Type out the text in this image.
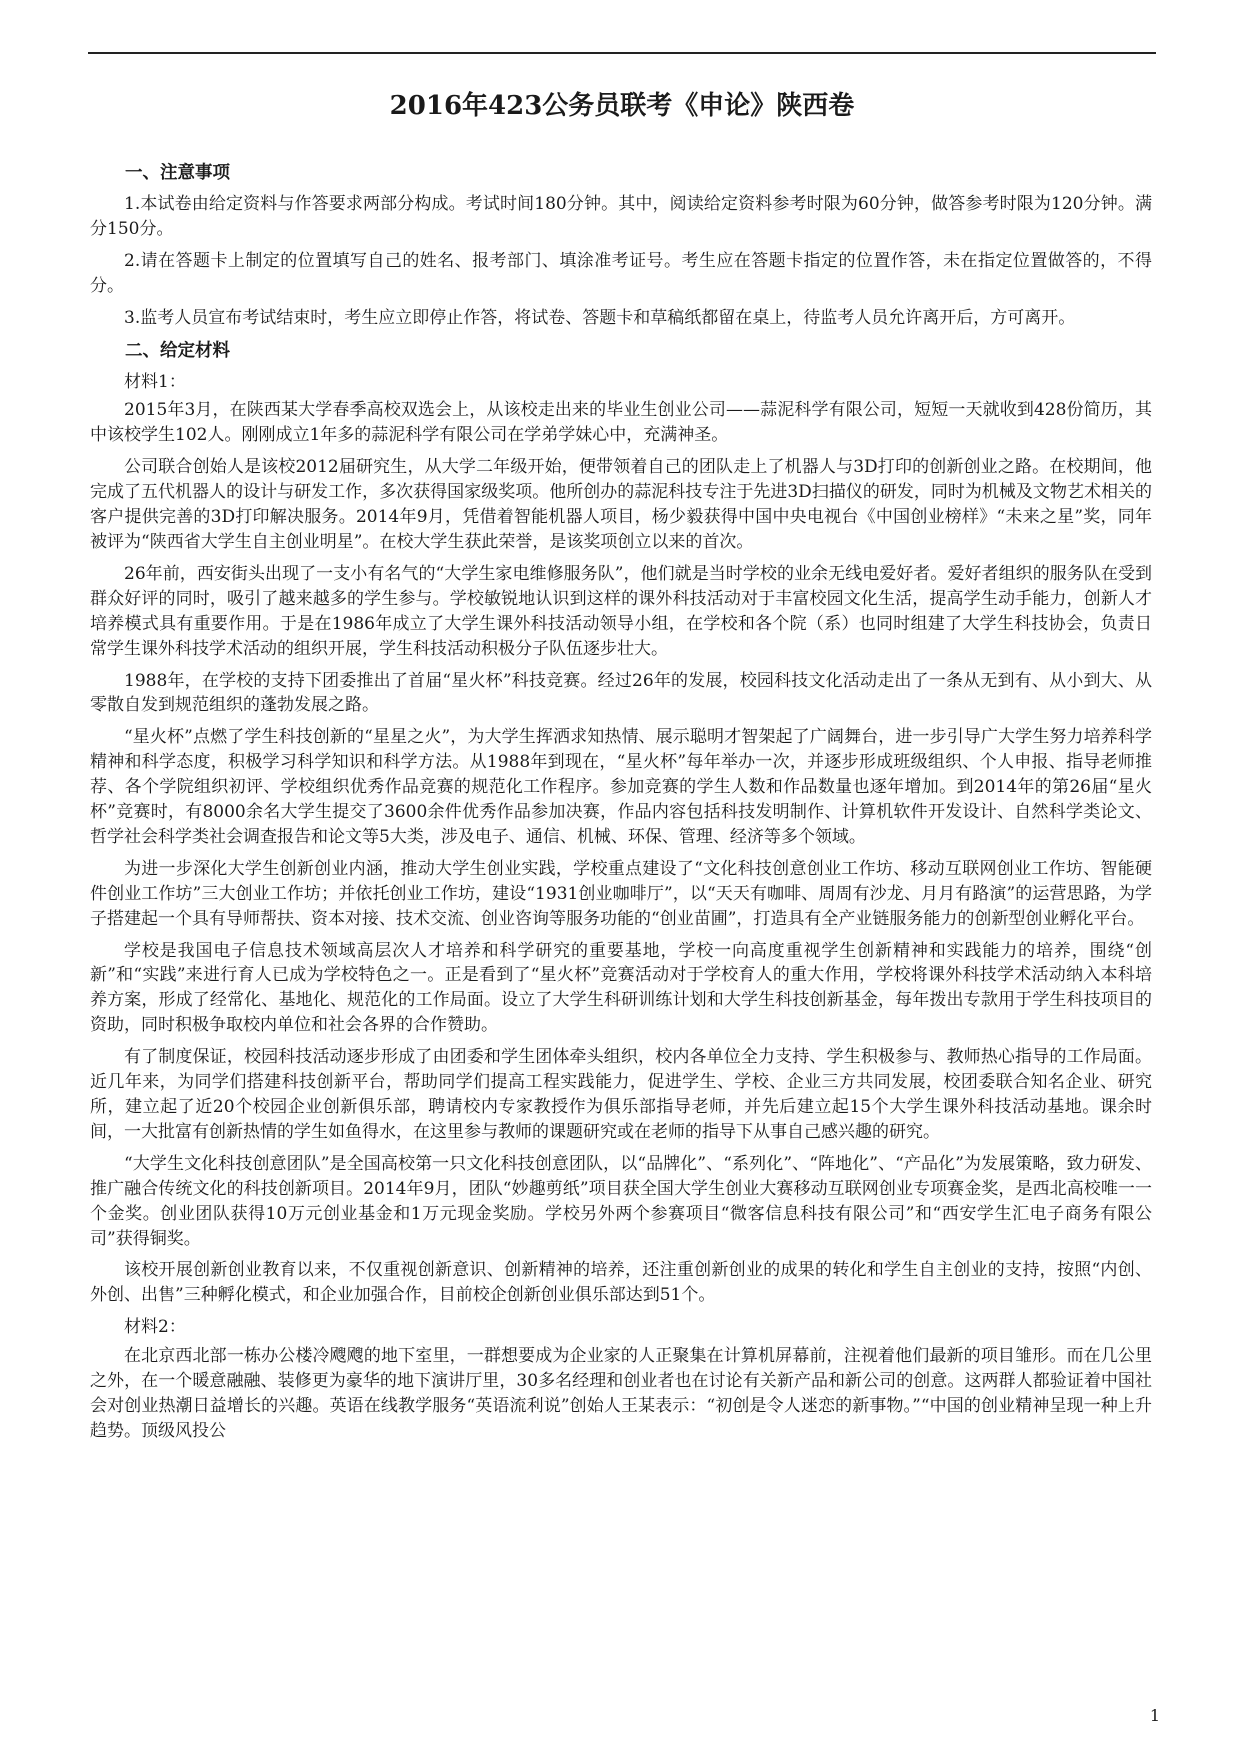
2016年423公务员联考《申论》陕西卷
一、注意事项

1.本试卷由给定资料与作答要求两部分构成。考试时间180分钟。其中，阅读给定资料参考时限为60分钟，做答参考时限为120分钟。满分150分。

2.请在答题卡上制定的位置填写自己的姓名、报考部门、填涂准考证号。考生应在答题卡指定的位置作答，未在指定位置做答的，不得分。

3.监考人员宣布考试结束时，考生应立即停止作答，将试卷、答题卡和草稿纸都留在桌上，待监考人员允许离开后，方可离开。

二、给定材料

材料1：

2015年3月，在陕西某大学春季高校双选会上，从该校走出来的毕业生创业公司——蒜泥科学有限公司，短短一天就收到428份简历，其中该校学生102人。刚刚成立1年多的蒜泥科学有限公司在学弟学妹心中，充满神圣。

公司联合创始人是该校2012届研究生，从大学二年级开始，便带领着自己的团队走上了机器人与3D打印的创新创业之路。在校期间，他完成了五代机器人的设计与研发工作，多次获得国家级奖项。他所创办的蒜泥科技专注于先进3D扫描仪的研发，同时为机械及文物艺术相关的客户提供完善的3D打印解决服务。2014年9月，凭借着智能机器人项目，杨少毅获得中国中央电视台《中国创业榜样》“未来之星”奖，同年被评为“陕西省大学生自主创业明星”。在校大学生获此荣誉，是该奖项创立以来的首次。

26年前，西安街头出现了一支小有名气的“大学生家电维修服务队”，他们就是当时学校的业余无线电爱好者。爱好者组织的服务队在受到群众好评的同时，吸引了越来越多的学生参与。学校敏锐地认识到这样的课外科技活动对于丰富校园文化生活，提高学生动手能力，创新人才培养模式具有重要作用。于是在1986年成立了大学生课外科技活动领导小组，在学校和各个院（系）也同时组建了大学生科技协会，负责日常学生课外科技学术活动的组织开展，学生科技活动积极分子队伍逐步壮大。

1988年，在学校的支持下团委推出了首届“星火杯”科技竞赛。经过26年的发展，校园科技文化活动走出了一条从无到有、从小到大、从零散自发到规范组织的蓬勃发展之路。

“星火杯”点燃了学生科技创新的“星星之火”，为大学生挥洒求知热情、展示聪明才智架起了广阔舞台，进一步引导广大学生努力培养科学精神和科学态度，积极学习科学知识和科学方法。从1988年到现在，“星火杯”每年举办一次，并逐步形成班级组织、个人申报、指导老师推荐、各个学院组织初评、学校组织优秀作品竞赛的规范化工作程序。参加竞赛的学生人数和作品数量也逐年增加。到2014年的第26届“星火杯”竞赛时，有8000余名大学生提交了3600余件优秀作品参加决赛，作品内容包括科技发明制作、计算机软件开发设计、自然科学类论文、哲学社会科学类社会调查报告和论文等5大类，涉及电子、通信、机械、环保、管理、经济等多个领域。

为进一步深化大学生创新创业内涵，推动大学生创业实践，学校重点建设了“文化科技创意创业工作坊、移动互联网创业工作坊、智能硬件创业工作坊”三大创业工作坊；并依托创业工作坊，建设“1931创业咖啡厅”，以“天天有咖啡、周周有沙龙、月月有路演”的运营思路，为学子搭建起一个具有导师帮扶、资本对接、技术交流、创业咨询等服务功能的“创业苗圃”，打造具有全产业链服务能力的创新型创业孵化平台。

学校是我国电子信息技术领域高层次人才培养和科学研究的重要基地，学校一向高度重视学生创新精神和实践能力的培养，围绕“创新”和“实践”来进行育人已成为学校特色之一。正是看到了“星火杯”竞赛活动对于学校育人的重大作用，学校将课外科技学术活动纳入本科培养方案，形成了经常化、基地化、规范化的工作局面。设立了大学生科研训练计划和大学生科技创新基金，每年拨出专款用于学生科技项目的资助，同时积极争取校内单位和社会各界的合作赞助。

有了制度保证，校园科技活动逐步形成了由团委和学生团体牵头组织，校内各单位全力支持、学生积极参与、教师热心指导的工作局面。近几年来，为同学们搭建科技创新平台，帮助同学们提高工程实践能力，促进学生、学校、企业三方共同发展，校团委联合知名企业、研究所，建立起了近20个校园企业创新俱乐部，聘请校内专家教授作为俱乐部指导老师，并先后建立起15个大学生课外科技活动基地。课余时间，一大批富有创新热情的学生如鱼得水，在这里参与教师的课题研究或在老师的指导下从事自己感兴趣的研究。

“大学生文化科技创意团队”是全国高校第一只文化科技创意团队，以“品牌化”、“系列化”、“阵地化”、“产品化”为发展策略，致力研发、推广融合传统文化的科技创新项目。2014年9月，团队“妙趣剪纸”项目获全国大学生创业大赛移动互联网创业专项赛金奖，是西北高校唯一一个金奖。创业团队获得10万元创业基金和1万元现金奖励。学校另外两个参赛项目“微客信息科技有限公司”和“西安学生汇电子商务有限公司”获得铜奖。

该校开展创新创业教育以来，不仅重视创新意识、创新精神的培养，还注重创新创业的成果的转化和学生自主创业的支持，按照“内创、外创、出售”三种孵化模式，和企业加强合作，目前校企创新创业俱乐部达到51个。

材料2：

在北京西北部一栋办公楼冷飕飕的地下室里，一群想要成为企业家的人正聚集在计算机屏幕前，注视着他们最新的项目雏形。而在几公里之外，在一个暖意融融、装修更为豪华的地下演讲厅里，30多名经理和创业者也在讨论有关新产品和新公司的创意。这两群人都验证着中国社会对创业热潮日益增长的兴趣。英语在线教学服务“英语流利说”创始人王某表示：“初创是令人迷恋的新事物。”“中国的创业精神呈现一种上升趋势。顶级风投公

1
